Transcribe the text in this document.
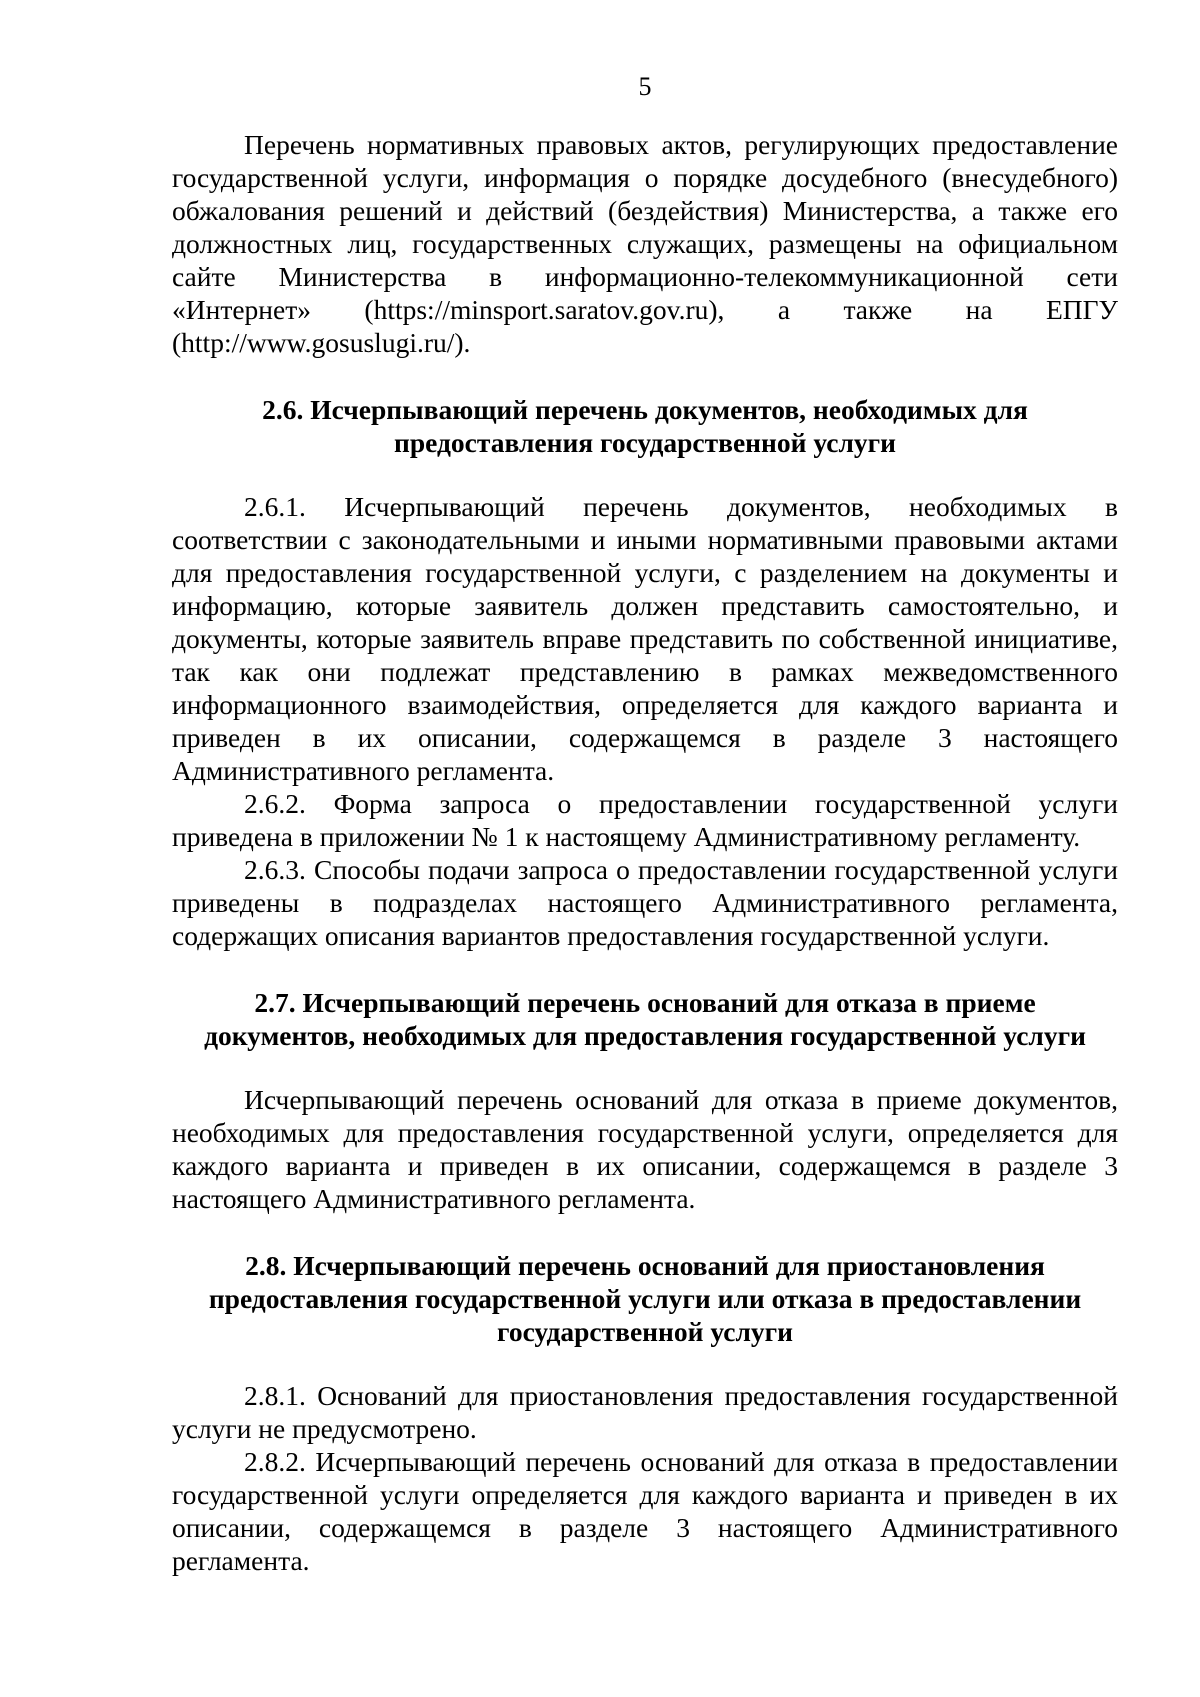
5

Перечень нормативных правовых актов, регулирующих предоставление государственной услуги, информация о порядке досудебного (внесудебного) обжалования решений и действий (бездействия) Министерства, а также его должностных лиц, государственных служащих, размещены на официальном сайте Министерства в информационно-телекоммуникационной сети «Интернет» (https://minsport.saratov.gov.ru), а также на ЕПГУ (http://www.gosuslugi.ru/).

2.6. Исчерпывающий перечень документов, необходимых для предоставления государственной услуги

2.6.1. Исчерпывающий перечень документов, необходимых в соответствии с законодательными и иными нормативными правовыми актами для предоставления государственной услуги, с разделением на документы и информацию, которые заявитель должен представить самостоятельно, и документы, которые заявитель вправе представить по собственной инициативе, так как они подлежат представлению в рамках межведомственного информационного взаимодействия, определяется для каждого варианта и приведен в их описании, содержащемся в разделе 3 настоящего Административного регламента.

2.6.2. Форма запроса о предоставлении государственной услуги приведена в приложении № 1 к настоящему Административному регламенту.

2.6.3. Способы подачи запроса о предоставлении государственной услуги приведены в подразделах настоящего Административного регламента, содержащих описания вариантов предоставления государственной услуги.

2.7. Исчерпывающий перечень оснований для отказа в приеме документов, необходимых для предоставления государственной услуги

Исчерпывающий перечень оснований для отказа в приеме документов, необходимых для предоставления государственной услуги, определяется для каждого варианта и приведен в их описании, содержащемся в разделе 3 настоящего Административного регламента.

2.8. Исчерпывающий перечень оснований для приостановления предоставления государственной услуги или отказа в предоставлении государственной услуги

2.8.1. Оснований для приостановления предоставления государственной услуги не предусмотрено.

2.8.2. Исчерпывающий перечень оснований для отказа в предоставлении государственной услуги определяется для каждого варианта и приведен в их описании, содержащемся в разделе 3 настоящего Административного регламента.
